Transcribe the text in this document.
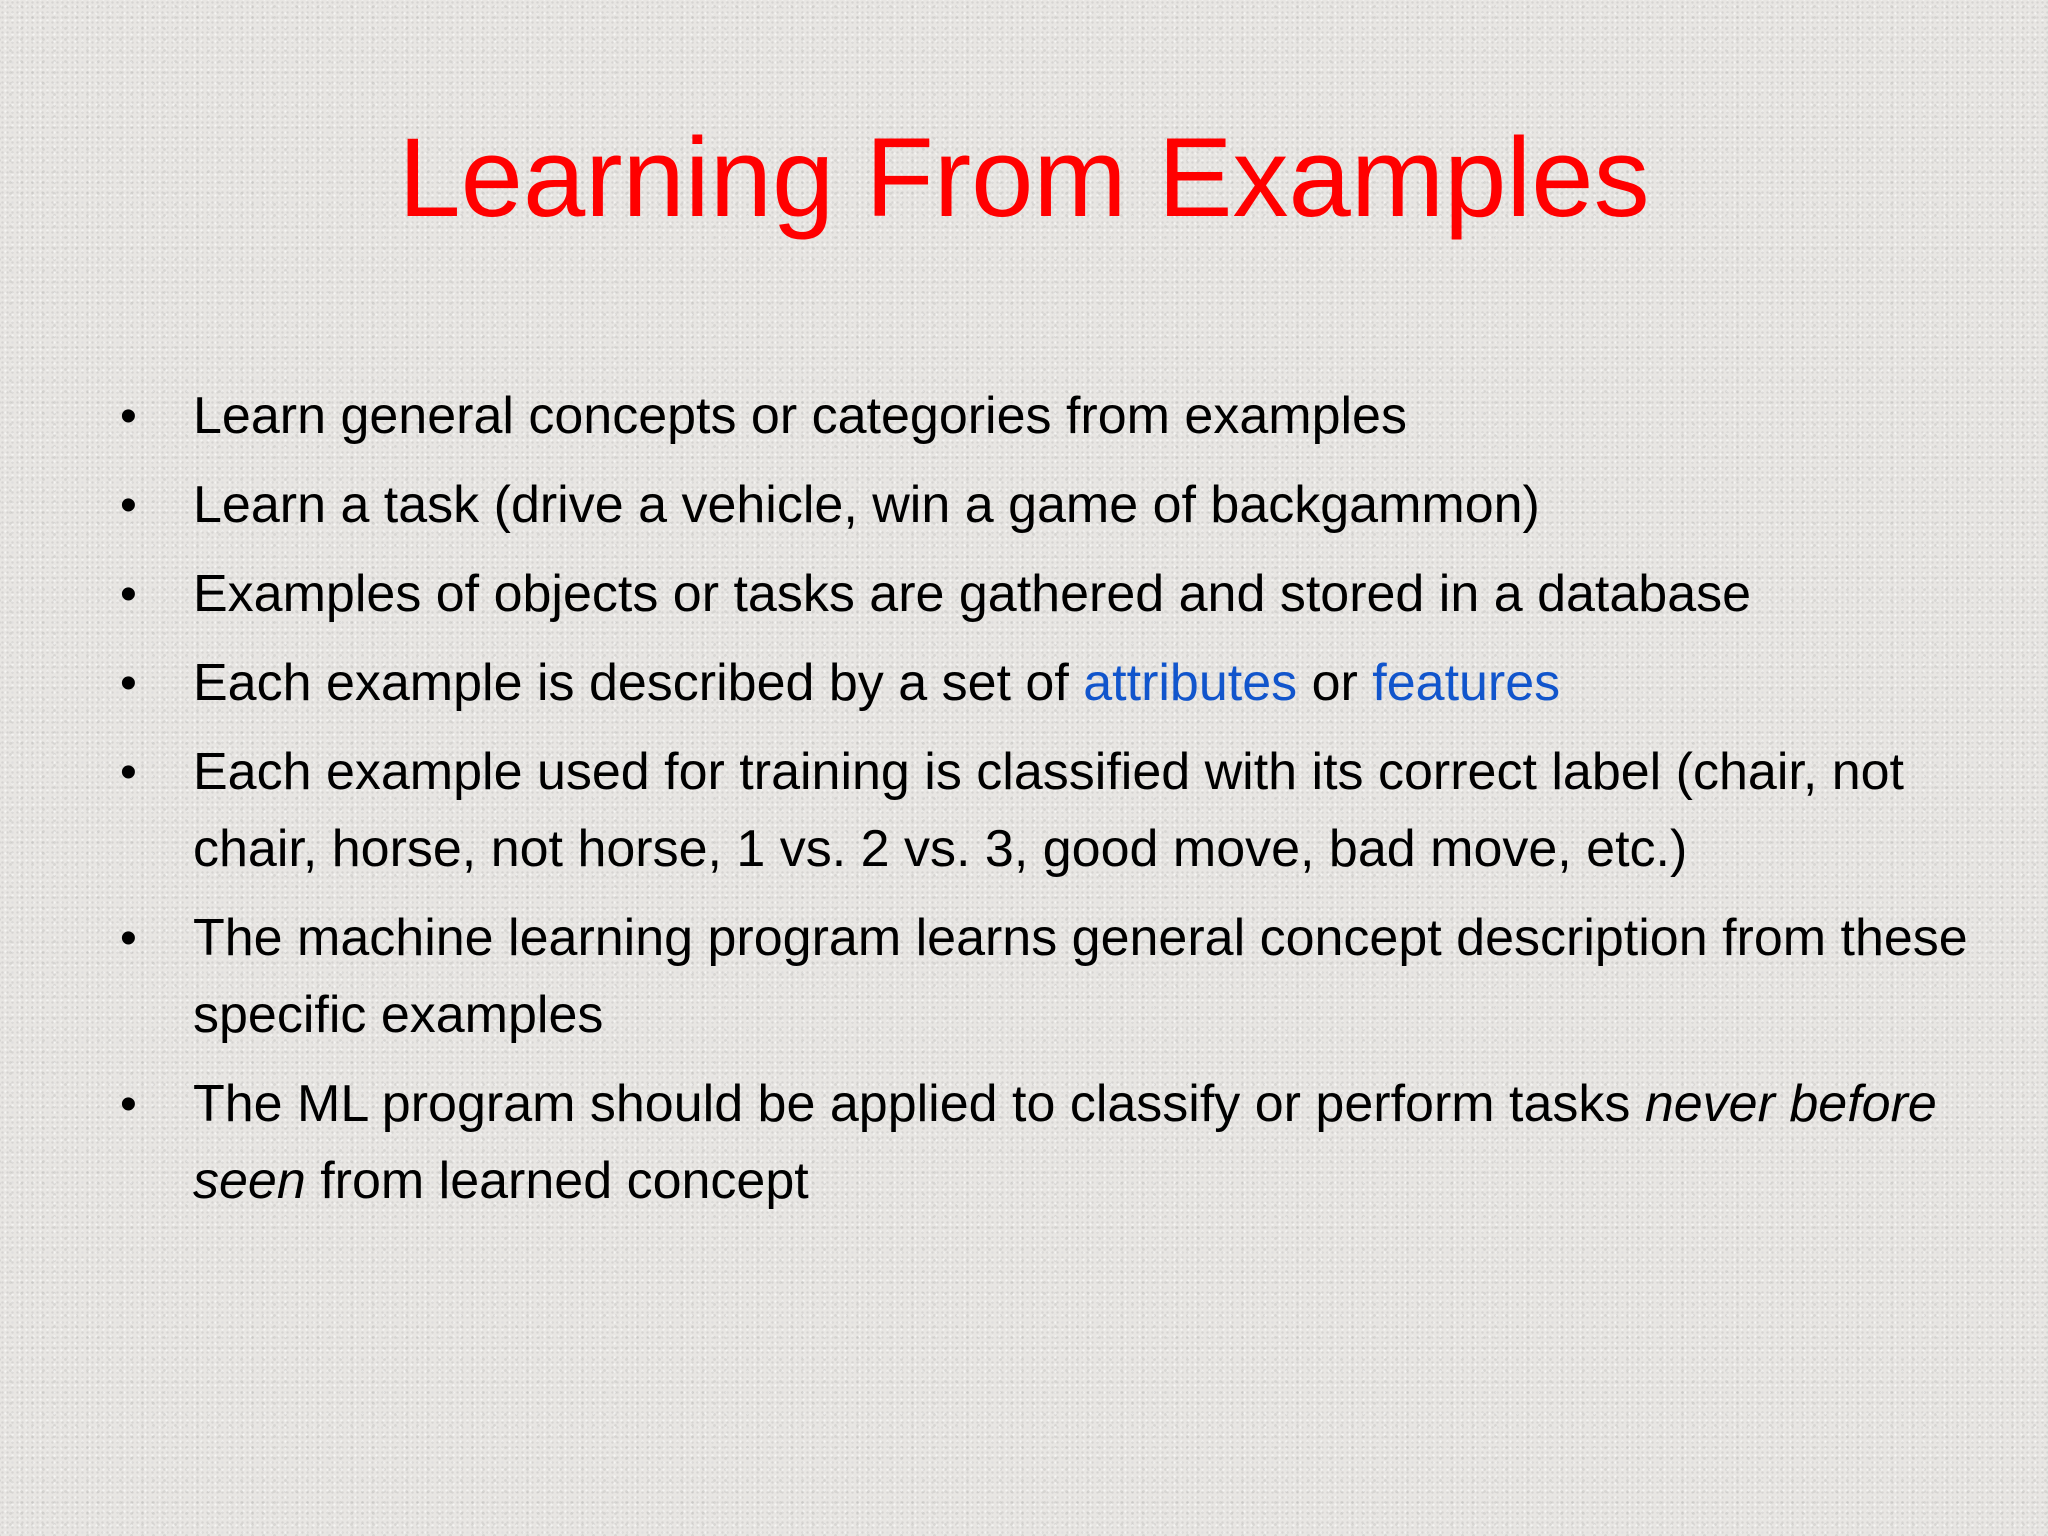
Learning From Examples
• Learn general concepts or categories from examples
• Learn a task (drive a vehicle, win a game of backgammon)
• Examples of objects or tasks are gathered and stored in a database
• Each example is described by a set of attributes or features
• Each example used for training is classified with its correct label (chair, not chair, horse, not horse, 1 vs. 2 vs. 3, good move, bad move, etc.)
• The machine learning program learns general concept description from these specific examples
• The ML program should be applied to classify or perform tasks never before seen from learned concept
